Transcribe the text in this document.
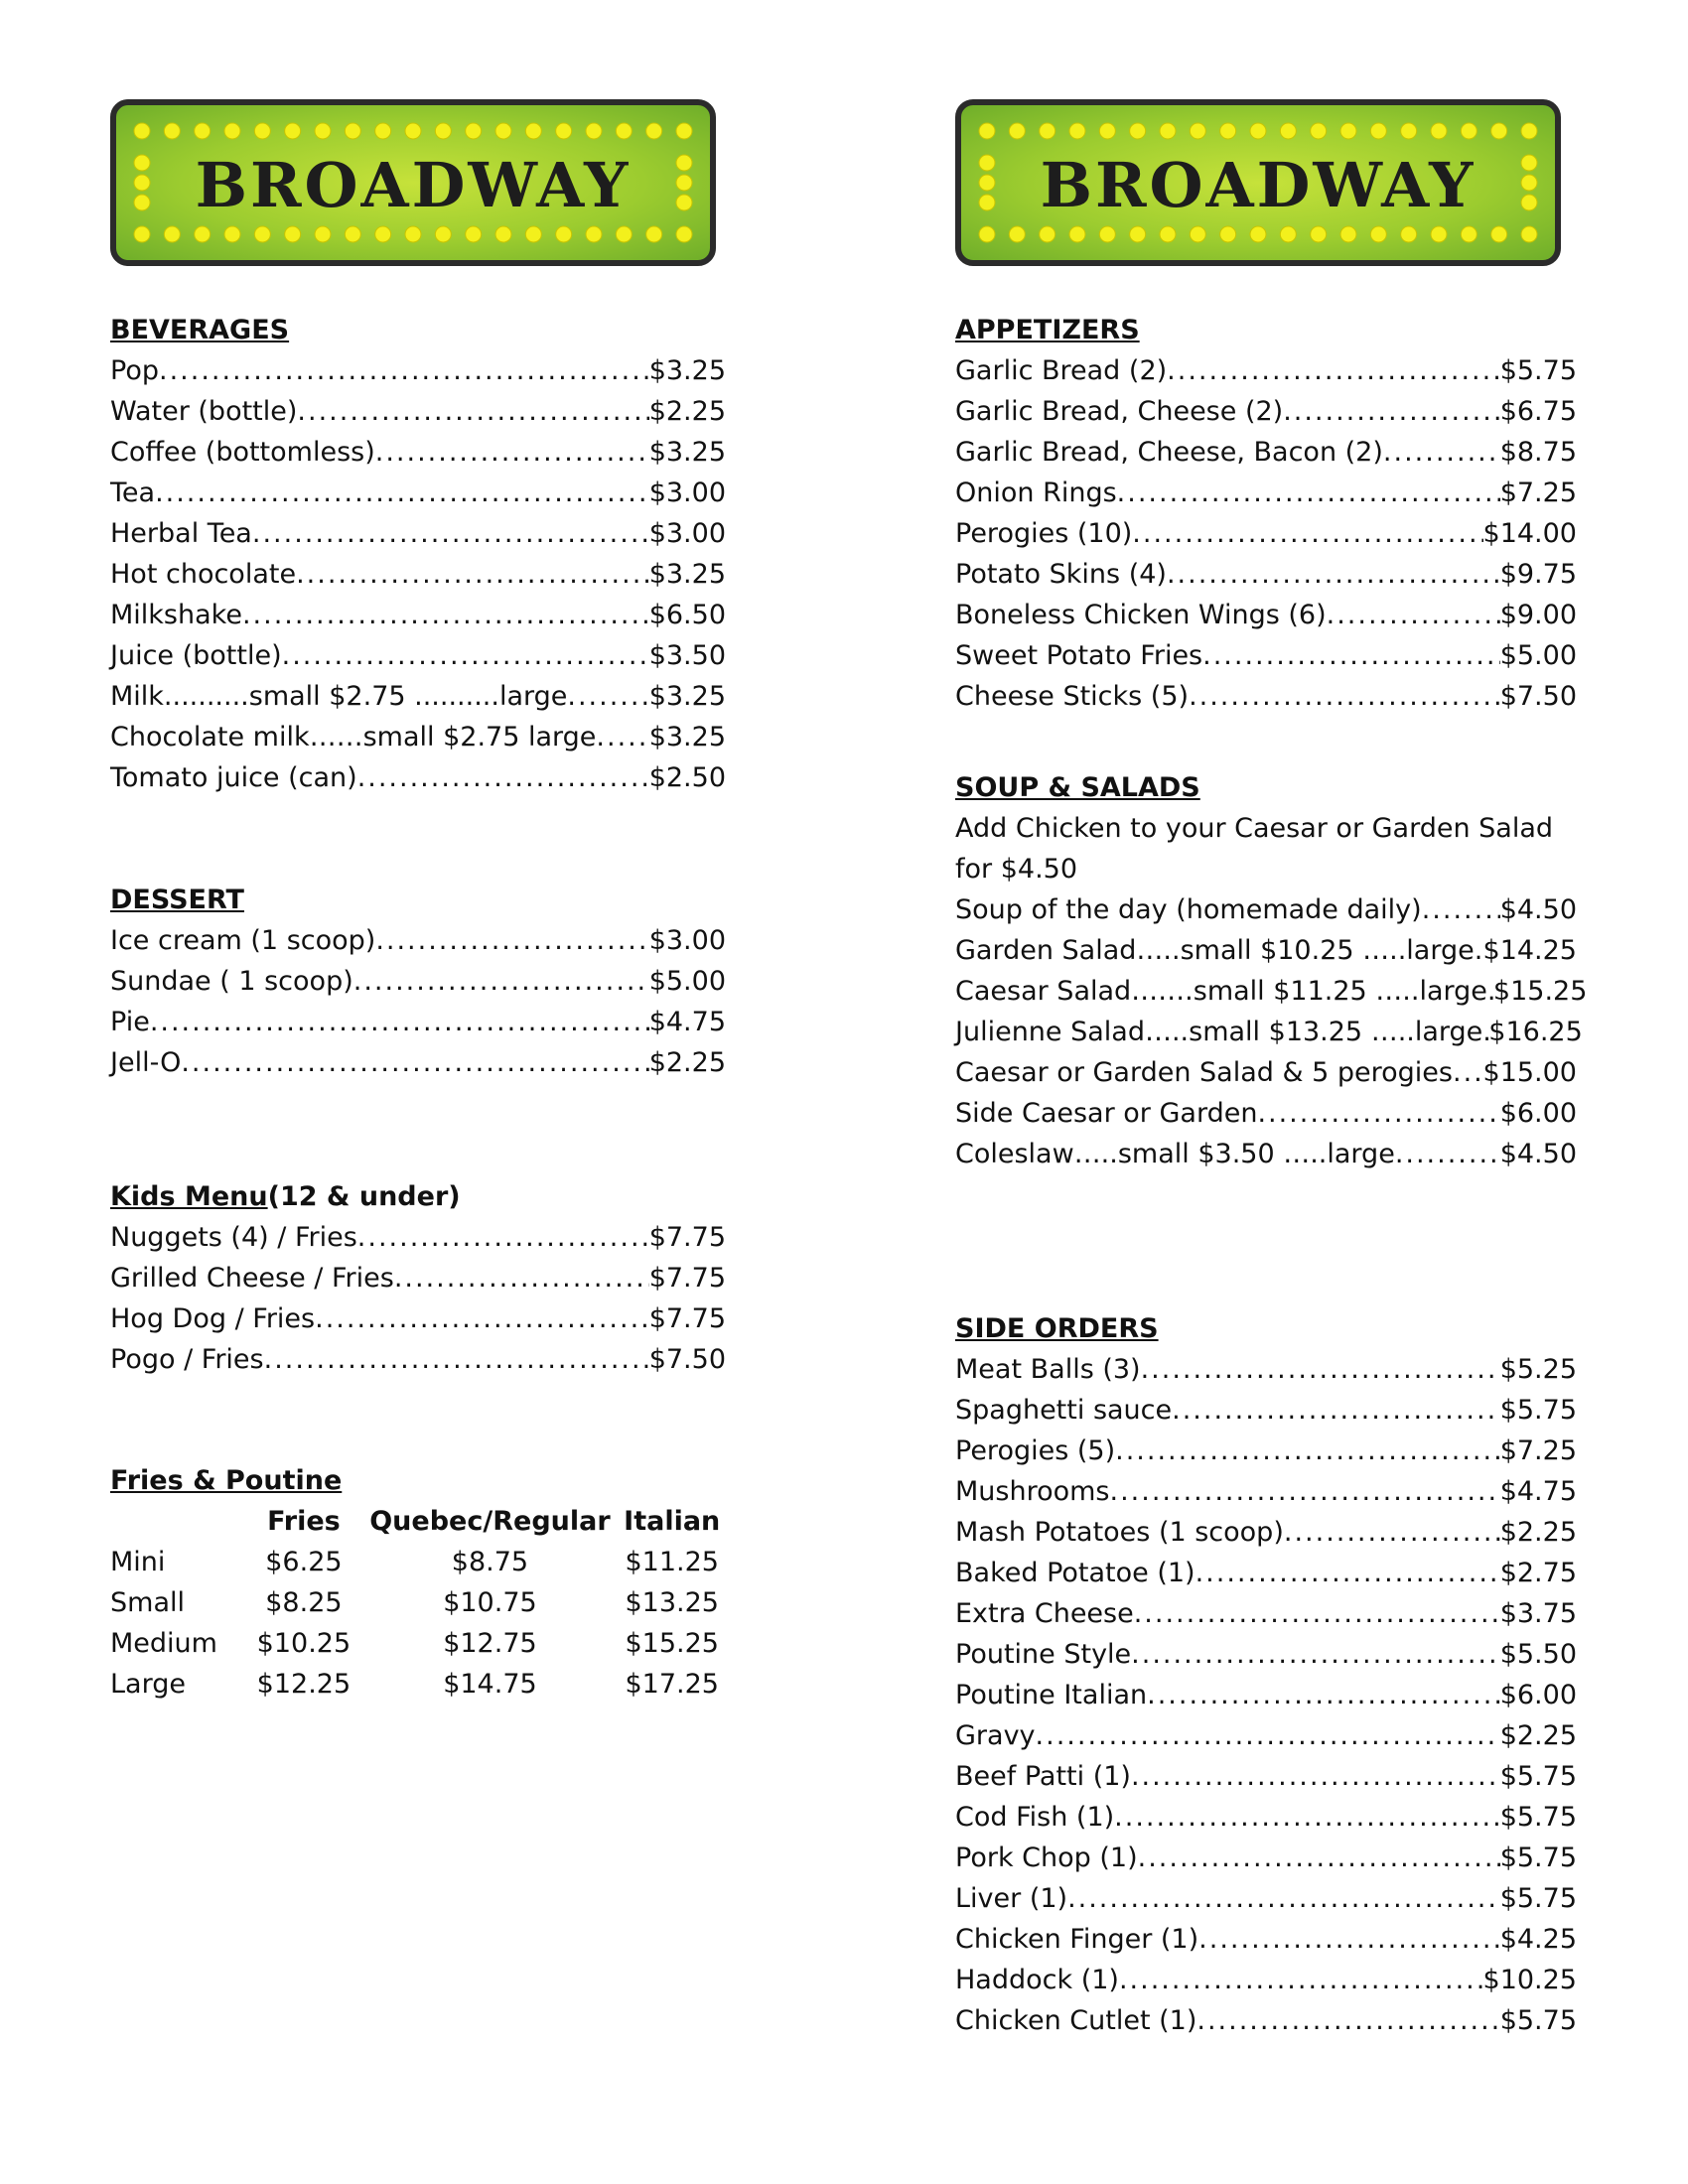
BROADWAY
BEVERAGES
Pop .....	$3.25
Water (bottle) .....	$2.25
Coffee (bottomless) .....	$3.25
Tea .....	$3.00
Herbal Tea .....	$3.00
Hot chocolate .....	$3.25
Milkshake .....	$6.50
Juice (bottle) .....	$3.50
Milk..........small $2.75 ..........large .....	$3.25
Chocolate milk……small $2.75 large ..... $3.25
Tomato juice (can) .....	$2.50
DESSERT
Ice cream (1 scoop) .....	$3.00
Sundae ( 1 scoop) .....	$5.00
Pie .....	$4.75
Jell-O .....	$2.25
Kids Menu(12 & under)
Nuggets (4) / Fries .....	$7.75
Grilled Cheese / Fries .....	$7.75
Hog Dog / Fries .....	$7.75
Pogo / Fries .....	$7.50
Fries & Poutine
	Fries	Quebec/Regular	Italian
Mini	$6.25	$8.75	$11.25
Small	$8.25	$10.75	$13.25
Medium	$10.25	$12.75	$15.25
Large	$12.25	$14.75	$17.25
BROADWAY
APPETIZERS
Garlic Bread (2) .....	$5.75
Garlic Bread, Cheese (2) .....	$6.75
Garlic Bread, Cheese, Bacon (2) .....	$8.75
Onion Rings .....	$7.25
Perogies (10) .....	$14.00
Potato Skins (4) .....	$9.75
Boneless Chicken Wings (6) .....	$9.00
Sweet Potato Fries .....	$5.00
Cheese Sticks (5) .....	$7.50
SOUP & SALADS
Add Chicken to your Caesar or Garden Salad for $4.50
Soup of the day (homemade daily) .....	$4.50
Garden Salad…..small $10.25 …..large ..... $14.25
Caesar Salad…….small $11.25 …..large ..... $15.25
Julienne Salad…..small $13.25 …..large ..... $16.25
Caesar or Garden Salad & 5 perogies ..... $15.00
Side Caesar or Garden .....	$6.00
Coleslaw…..small $3.50 …..large .....	$4.50
SIDE ORDERS
Meat Balls (3) .....	$5.25
Spaghetti sauce .....	$5.75
Perogies (5) .....	$7.25
Mushrooms .....	$4.75
Mash Potatoes (1 scoop) .....	$2.25
Baked Potatoe (1) .....	$2.75
Extra Cheese .....	$3.75
Poutine Style .....	$5.50
Poutine Italian .....	$6.00
Gravy .....	$2.25
Beef Patti (1) .....	$5.75
Cod Fish (1) .....	$5.75
Pork Chop (1) .....	$5.75
Liver (1) .....	$5.75
Chicken Finger (1) .....	$4.25
Haddock (1) .....	$10.25
Chicken Cutlet (1) .....	$5.75
